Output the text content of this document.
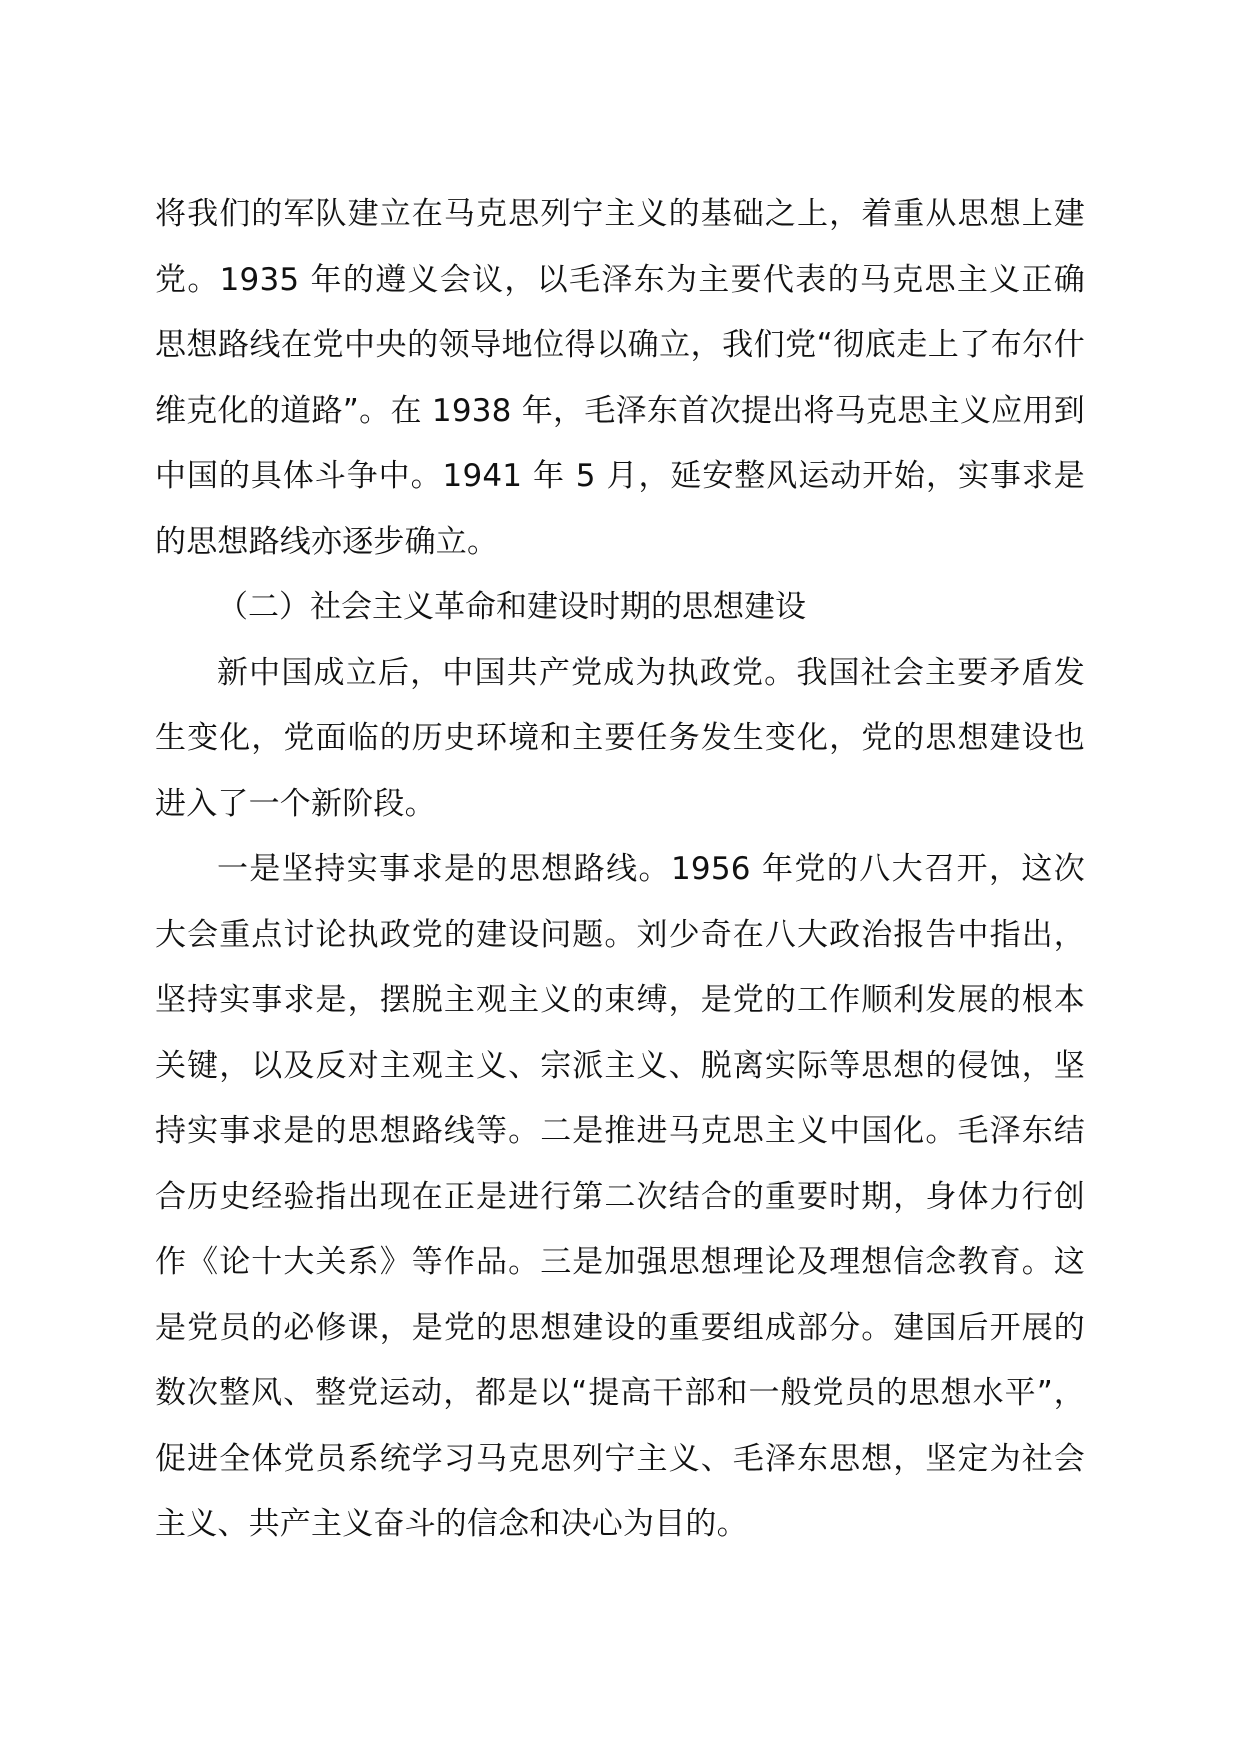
将我们的军队建立在马克思列宁主义的基础之上，着重从思想上建党。1935 年的遵义会议，以毛泽东为主要代表的马克思主义正确思想路线在党中央的领导地位得以确立，我们党“彻底走上了布尔什维克化的道路”。在 1938 年，毛泽东首次提出将马克思主义应用到中国的具体斗争中。1941 年 5 月，延安整风运动开始，实事求是的思想路线亦逐步确立。

（二）社会主义革命和建设时期的思想建设

新中国成立后，中国共产党成为执政党。我国社会主要矛盾发生变化，党面临的历史环境和主要任务发生变化，党的思想建设也进入了一个新阶段。

一是坚持实事求是的思想路线。1956 年党的八大召开，这次大会重点讨论执政党的建设问题。刘少奇在八大政治报告中指出，坚持实事求是，摆脱主观主义的束缚，是党的工作顺利发展的根本关键，以及反对主观主义、宗派主义、脱离实际等思想的侵蚀，坚持实事求是的思想路线等。二是推进马克思主义中国化。毛泽东结合历史经验指出现在正是进行第二次结合的重要时期，身体力行创作《论十大关系》等作品。三是加强思想理论及理想信念教育。这是党员的必修课，是党的思想建设的重要组成部分。建国后开展的数次整风、整党运动，都是以“提高干部和一般党员的思想水平”，促进全体党员系统学习马克思列宁主义、毛泽东思想，坚定为社会主义、共产主义奋斗的信念和决心为目的。
